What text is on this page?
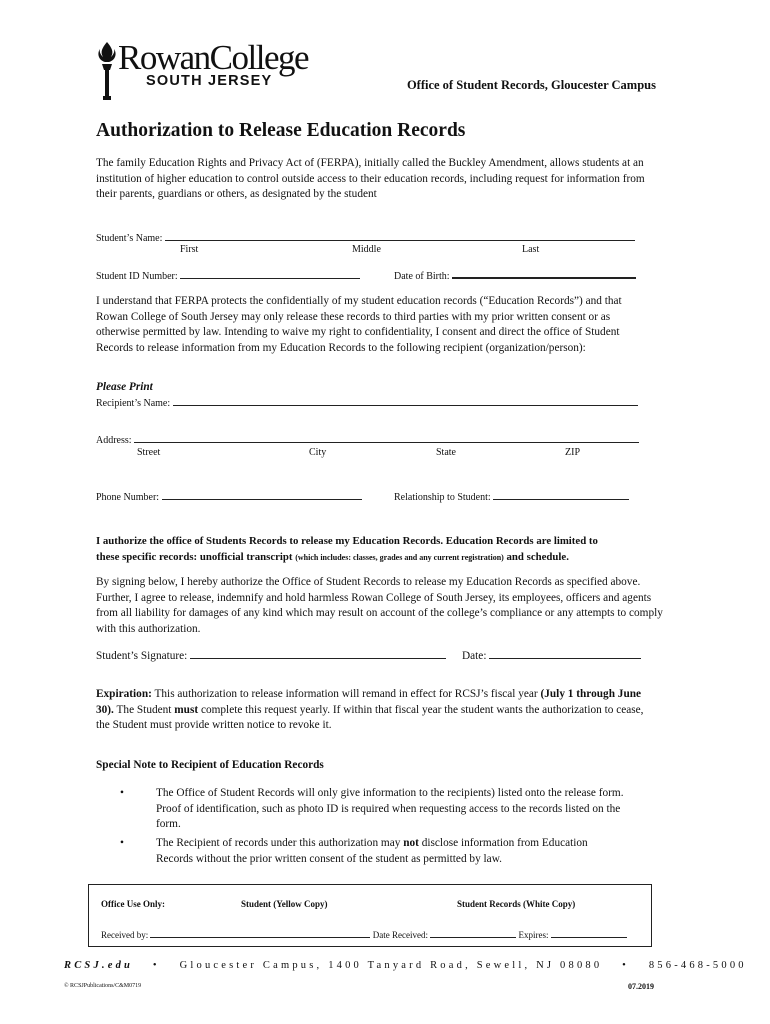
RowanCollege
SOUTH JERSEY	Office of Student Records, Gloucester Campus
Authorization to Release Education Records
The family Education Rights and Privacy Act of (FERPA), initially called the Buckley Amendment, allows students at an institution of higher education to control outside access to their education records, including request for information from their parents, guardians or others, as designated by the student
Student’s Name:
First	Middle	Last
Student ID Number:	Date of Birth:
I understand that FERPA protects the confidentially of my student education records (“Education Records”) and that Rowan College of South Jersey may only release these records to third parties with my prior written consent or as otherwise permitted by law. Intending to waive my right to confidentiality, I consent and direct the office of Student Records to release information from my Education Records to the following recipient (organization/person):
Please Print
Recipient’s Name:
Address:
Street	City	State	ZIP
Phone Number:	Relationship to Student:
I authorize the office of Students Records to release my Education Records. Education Records are limited to
these specific records: unofficial transcript (which includes: classes, grades and any current registration) and schedule.
By signing below, I hereby authorize the Office of Student Records to release my Education Records as specified above. Further, I agree to release, indemnify and hold harmless Rowan College of South Jersey, its employees, officers and agents from all liability for damages of any kind which may result on account of the college’s compliance or any attempts to comply with this authorization.
Student’s Signature:	Date:
Expiration: This authorization to release information will remand in effect for RCSJ’s fiscal year (July 1 through June 30). The Student must complete this request yearly. If within that fiscal year the student wants the authorization to cease, the Student must provide written notice to revoke it.
Special Note to Recipient of Education Records
•	The Office of Student Records will only give information to the recipients) listed onto the release form. Proof of identification, such as photo ID is required when requesting access to the records listed on the form.
•	The Recipient of records under this authorization may not disclose information from Education Records without the prior written consent of the student as permitted by law.
Office Use Only:	Student (Yellow Copy)	Student Records (White Copy)
Received by:	Date Received:	Expires:
RCSJ.edu • Gloucester Campus, 1400 Tanyard Road, Sewell, NJ 08080 • 856-468-5000
© RCSJPublications/C&M0719	07.2019
